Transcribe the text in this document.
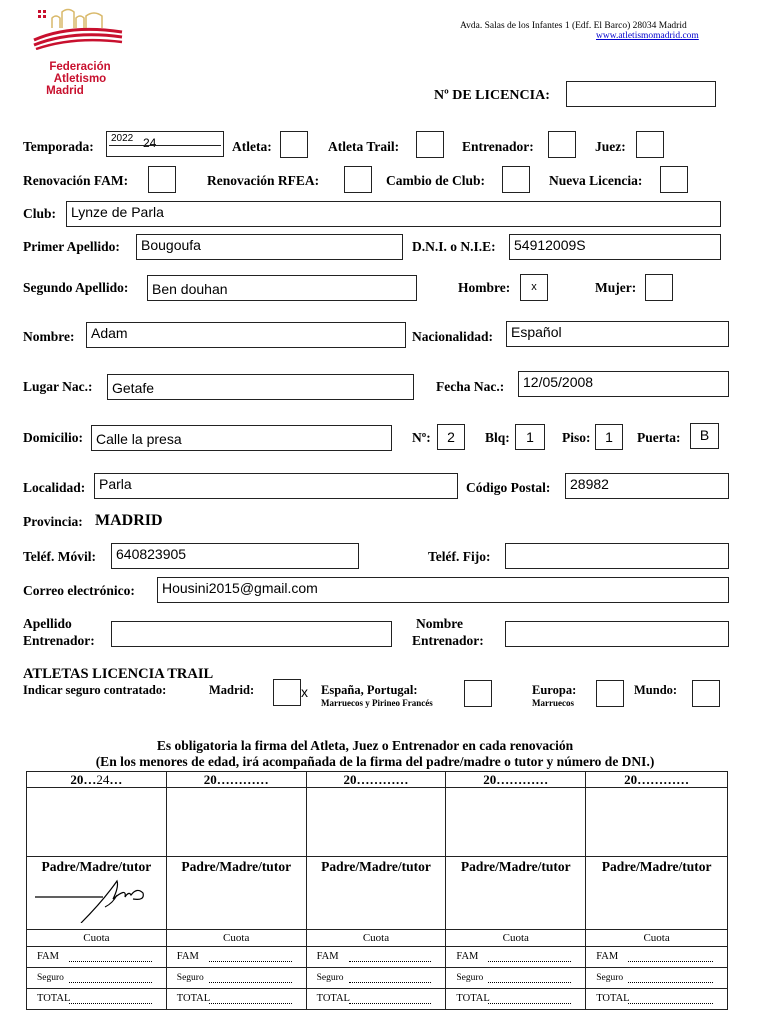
Federación Atletismo
Madrid
Avda. Salas de los Infantes 1 (Edf. El Barco) 28034 Madrid
www.atletismomadrid.com
Nº DE LICENCIA:
Temporada:
2022 24	Atleta:	Atleta Trail:	Entrenador:	Juez:
Renovación FAM:	Renovación RFEA:	Cambio de Club:	Nueva Licencia:
Club:	Lynze de Parla
Primer Apellido:	Bougoufa	D.N.I. o N.I.E:	54912009S
Segundo Apellido:	Ben douhan	Hombre:	x	Mujer:
Nombre:	Adam	Nacionalidad:	Español
Lugar Nac.:	Getafe	Fecha Nac.:	12/05/2008
Domicilio: Calle la presa	Nº:	2	Blq:	1	Piso:	1	Puerta:	B
Localidad: Parla	Código Postal:	28982
Provincia: MADRID
Teléf. Móvil:	640823905	Teléf. Fijo:
Correo electrónico:	Housini2015@gmail.com
Apellido
Entrenador:
Nombre
Entrenador:
ATLETAS LICENCIA TRAIL
Indicar seguro contratado:	Madrid:	x España, Portugal:
Marruecos y Pirineo Francés
Europa:
Marruecos
Mundo:
Es obligatoria la firma del Atleta, Juez o Entrenador en cada renovación
(En los menores de edad, irá acompañada de la firma del padre/madre o tutor y número de DNI.)
20…24…	20…………	20…………	20…………	20…………

Padre/Madre/tutor	Padre/Madre/tutor	Padre/Madre/tutor	Padre/Madre/tutor	Padre/Madre/tutor

Cuota	Cuota	Cuota	Cuota	Cuota

FAM	FAM	FAM	FAM	FAM

Seguro	Seguro	Seguro	Seguro	Seguro

TOTAL	TOTAL	TOTAL	TOTAL	TOTAL
